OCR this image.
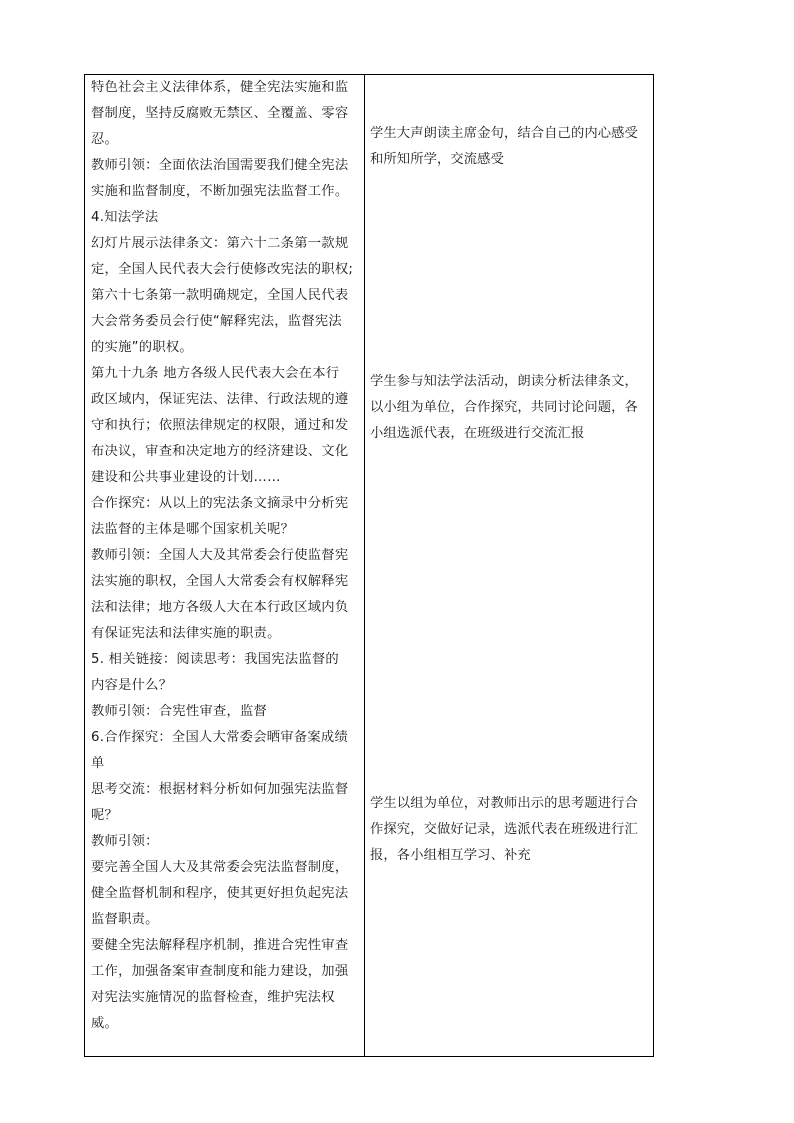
特色社会主义法律体系，健全宪法实施和监
督制度，坚持反腐败无禁区、全覆盖、零容
忍。

教师引领：全面依法治国需要我们健全宪法
实施和监督制度，不断加强宪法监督工作。

4.知法学法

幻灯片展示法律条文：第六十二条第一款规
定，全国人民代表大会行使修改宪法的职权;
第六十七条第一款明确规定，全国人民代表
大会常务委员会行使“解释宪法，监督宪法
的实施”的职权。

第九十九条 地方各级人民代表大会在本行
政区域内，保证宪法、法律、行政法规的遵
守和执行；依照法律规定的权限，通过和发
布决议，审查和决定地方的经济建设、文化
建设和公共事业建设的计划……

合作探究：从以上的宪法条文摘录中分析宪
法监督的主体是哪个国家机关呢？

教师引领：全国人大及其常委会行使监督宪
法实施的职权，全国人大常委会有权解释宪
法和法律；地方各级人大在本行政区域内负
有保证宪法和法律实施的职责。

5. 相关链接：阅读思考：我国宪法监督的
内容是什么？

教师引领：合宪性审查，监督

6.合作探究：全国人大常委会晒审备案成绩
单

思考交流：根据材料分析如何加强宪法监督
呢？

教师引领：

要完善全国人大及其常委会宪法监督制度，
健全监督机制和程序，使其更好担负起宪法
监督职责。

要健全宪法解释程序机制，推进合宪性审查
工作，加强备案审查制度和能力建设，加强
对宪法实施情况的监督检查，维护宪法权威。

学生大声朗读主席金句，结合自己的内心感受
和所知所学，交流感受

学生参与知法学法活动，朗读分析法律条文，
以小组为单位，合作探究，共同讨论问题，各
小组选派代表，在班级进行交流汇报

学生以组为单位，对教师出示的思考题进行合
作探究，交做好记录，选派代表在班级进行汇
报，各小组相互学习、补充
